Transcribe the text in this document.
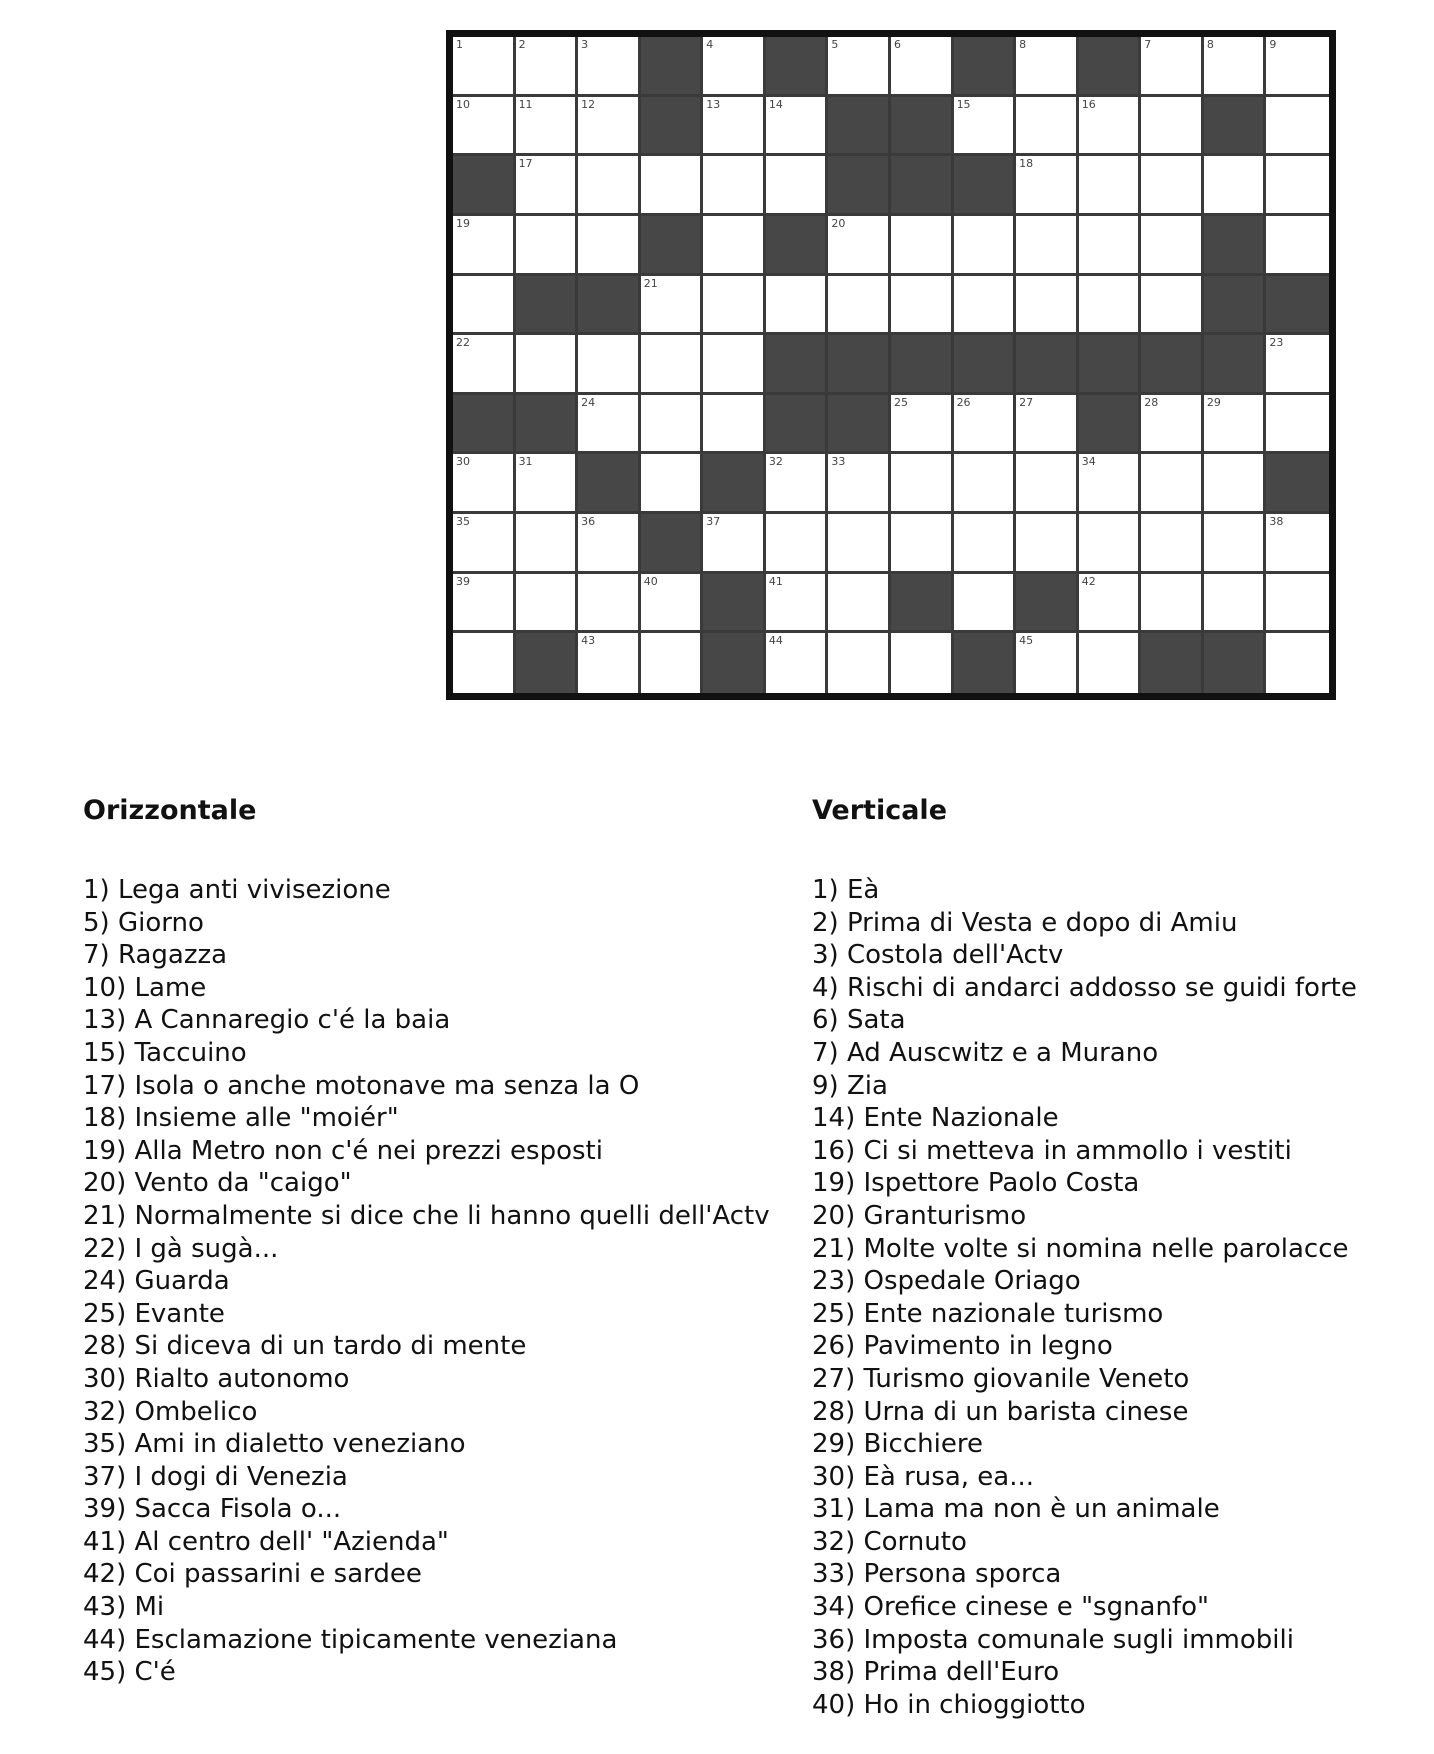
1	2	3	4	5	6	8	7	8	9
10	11	12	13	14	15	16
17	18
19	20
21
22	23
24	25	26	27	28	29
30	31	32	33	34
35	36	37	38
39	40	41	42
43	44	45
Orizzontale

1) Lega anti vivisezione

5) Giorno

7) Ragazza

10) Lame

13) A Cannaregio c'é la baia

15) Taccuino

17) Isola o anche motonave ma senza la O

18) Insieme alle "moiér"

19) Alla Metro non c'é nei prezzi esposti

20) Vento da "caigo"

21) Normalmente si dice che li hanno quelli dell'Actv

22) I gà sugà...

24) Guarda

25) Evante

28) Si diceva di un tardo di mente

30) Rialto autonomo

32) Ombelico

35) Ami in dialetto veneziano

37) I dogi di Venezia

39) Sacca Fisola o...

41) Al centro dell' "Azienda"

42) Coi passarini e sardee

43) Mi

44) Esclamazione tipicamente veneziana

45) C'é

Verticale

1) Eà

2) Prima di Vesta e dopo di Amiu

3) Costola dell'Actv

4) Rischi di andarci addosso se guidi forte

6) Sata

7) Ad Auscwitz e a Murano

9) Zia

14) Ente Nazionale

16) Ci si metteva in ammollo i vestiti

19) Ispettore Paolo Costa

20) Granturismo

21) Molte volte si nomina nelle parolacce

23) Ospedale Oriago

25) Ente nazionale turismo

26) Pavimento in legno

27) Turismo giovanile Veneto

28) Urna di un barista cinese

29) Bicchiere

30) Eà rusa, ea...

31) Lama ma non è un animale

32) Cornuto

33) Persona sporca

34) Orefice cinese e "sgnanfo"

36) Imposta comunale sugli immobili

38) Prima dell'Euro

40) Ho in chioggiotto
